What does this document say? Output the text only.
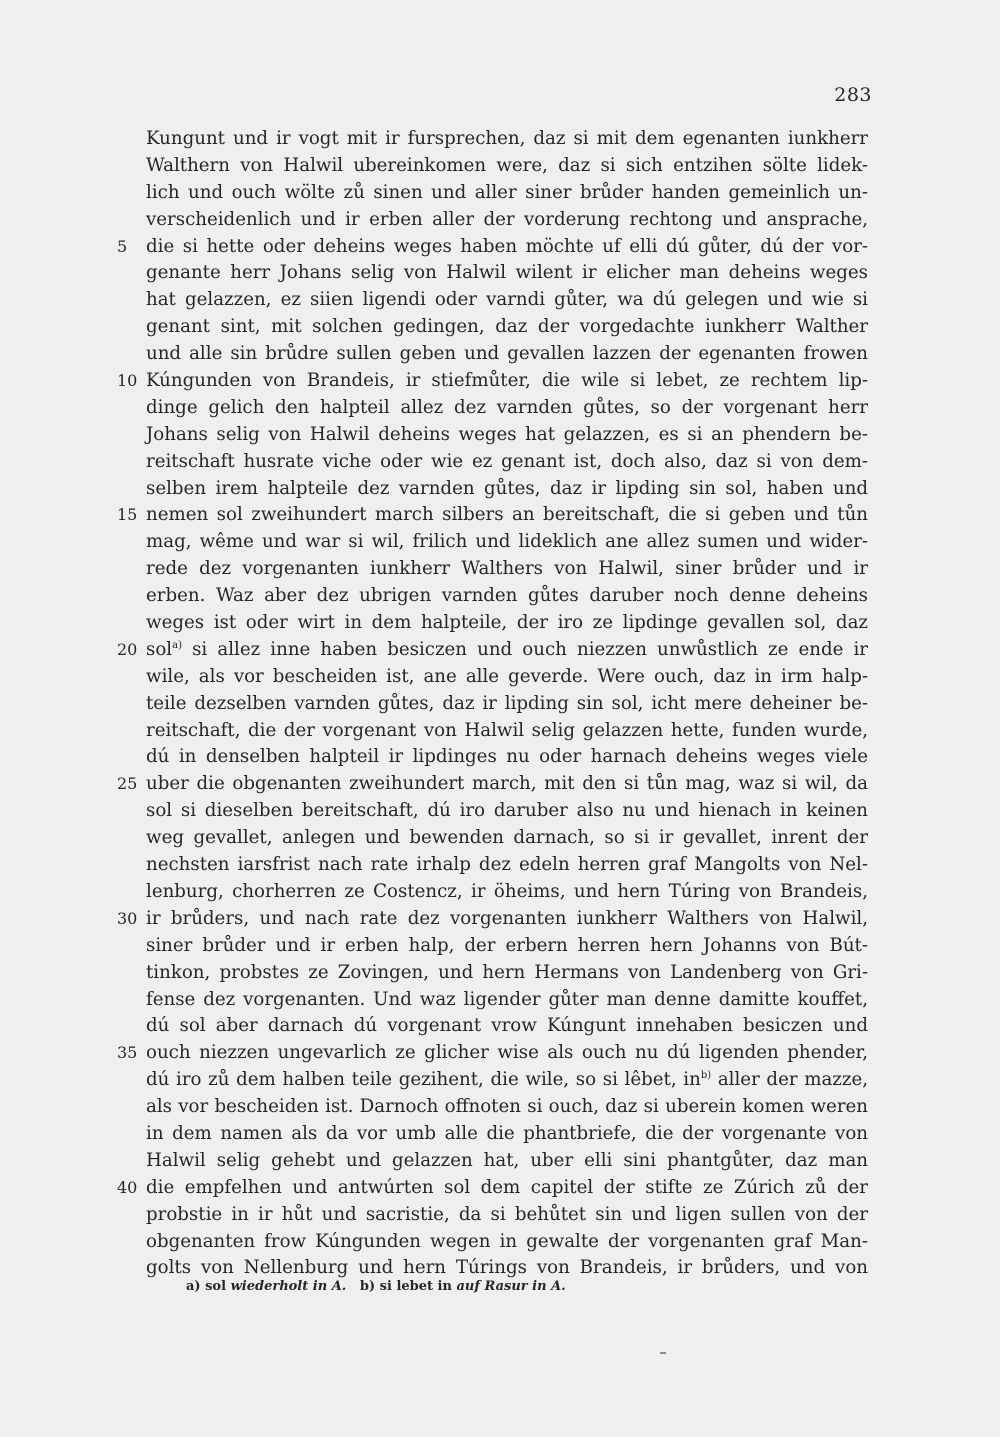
283
Kungunt und ir vogt mit ir fursprechen, daz si mit dem egenanten iunkherr
Walthern von Halwil ubereinkomen were, daz si sich entzihen sölte lidek-
lich und ouch wölte zů sinen und aller siner brůder handen gemeinlich un-
verscheidenlich und ir erben aller der vorderung rechtong und ansprache,
5	die si hette oder deheins weges haben möchte uf elli dú gůter, dú der vor-
genante herr Johans selig von Halwil wilent ir elicher man deheins weges
hat gelazzen, ez siien ligendi oder varndi gůter, wa dú gelegen und wie si
genant sint, mit solchen gedingen, daz der vorgedachte iunkherr Walther
und alle sin brůdre sullen geben und gevallen lazzen der egenanten frowen
10 Kúngunden von Brandeis, ir stiefmůter, die wile si lebet, ze rechtem lip-
dinge gelich den halpteil allez dez varnden gůtes, so der vorgenant herr
Johans selig von Halwil deheins weges hat gelazzen, es si an phendern be-
reitschaft husrate viche oder wie ez genant ist, doch also, daz si von dem-
selben irem halpteile dez varnden gůtes, daz ir lipding sin sol, haben und
15 nemen sol zweihundert march silbers an bereitschaft, die si geben und tůn
mag, wême und war si wil, frilich und lideklich ane allez sumen und wider-
rede dez vorgenanten iunkherr Walthers von Halwil, siner brůder und ir
erben. Waz aber dez ubrigen varnden gůtes daruber noch denne deheins
weges ist oder wirt in dem halpteile, der iro ze lipdinge gevallen sol, daz
20 sol$^{a)}$ si allez inne haben besiczen und ouch niezzen unwůstlich ze ende ir
wile, als vor bescheiden ist, ane alle geverde. Were ouch, daz in irm halp-
teile dezselben varnden gůtes, daz ir lipding sin sol, icht mere deheiner be-
reitschaft, die der vorgenant von Halwil selig gelazzen hette, funden wurde,
dú in denselben halpteil ir lipdinges nu oder harnach deheins weges viele
25 uber die obgenanten zweihundert march, mit den si tůn mag, waz si wil, da
sol si dieselben bereitschaft, dú iro daruber also nu und hienach in keinen
weg gevallet, anlegen und bewenden darnach, so si ir gevallet, inrent der
nechsten iarsfrist nach rate irhalp dez edeln herren graf Mangolts von Nel-
lenburg, chorherren ze Costencz, ir öheims, und hern Túring von Brandeis,
30 ir brůders, und nach rate dez vorgenanten iunkherr Walthers von Halwil,
siner brůder und ir erben halp, der erbern herren hern Johanns von Bút-
tinkon, probstes ze Zovingen, und hern Hermans von Landenberg von Gri-
fense dez vorgenanten. Und waz ligender gůter man denne damitte kouffet,
dú sol aber darnach dú vorgenant vrow Kúngunt innehaben besiczen und
35 ouch niezzen ungevarlich ze glicher wise als ouch nu dú ligenden phender,
dú iro zů dem halben teile gezihent, die wile, so si lêbet, $in^{b)}$ aller der mazze,
als vor bescheiden ist. Darnoch offnoten si ouch, daz si uberein komen weren
in dem namen als da vor umb alle die phantbriefe, die der vorgenante von
Halwil selig gehebt und gelazzen hat, uber elli sini phantgůter, daz man
40 die empfelhen und antwúrten sol dem capitel der stifte ze Zúrich zů der
probstie in ir hůt und sacristie, da si behůtet sin und ligen sullen von der
obgenanten frow Kúngunden wegen in gewalte der vorgenanten graf Man-
golts von Nellenburg und hern Túrings von Brandeis, ir brůders, und von
a) sol wiederholt in A. b) si lebet in auf Rasur in A.
